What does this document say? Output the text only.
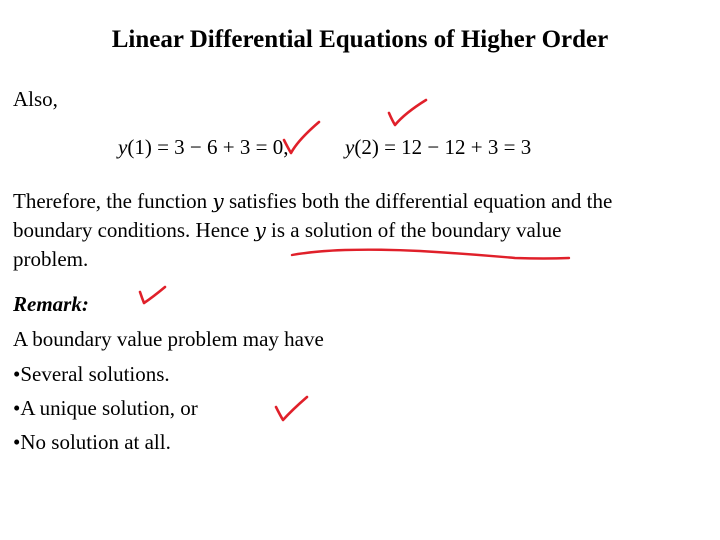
Linear Differential Equations of Higher Order
Also,
y(1) = 3 − 6 + 3 = 0,	y(2) = 12 − 12 + 3 = 3
Therefore, the function y satisfies both the differential equation and the
boundary conditions. Hence y is a solution of the boundary value
problem.
Remark:
A boundary value problem may have
•Several solutions.
•A unique solution, or
•No solution at all.
